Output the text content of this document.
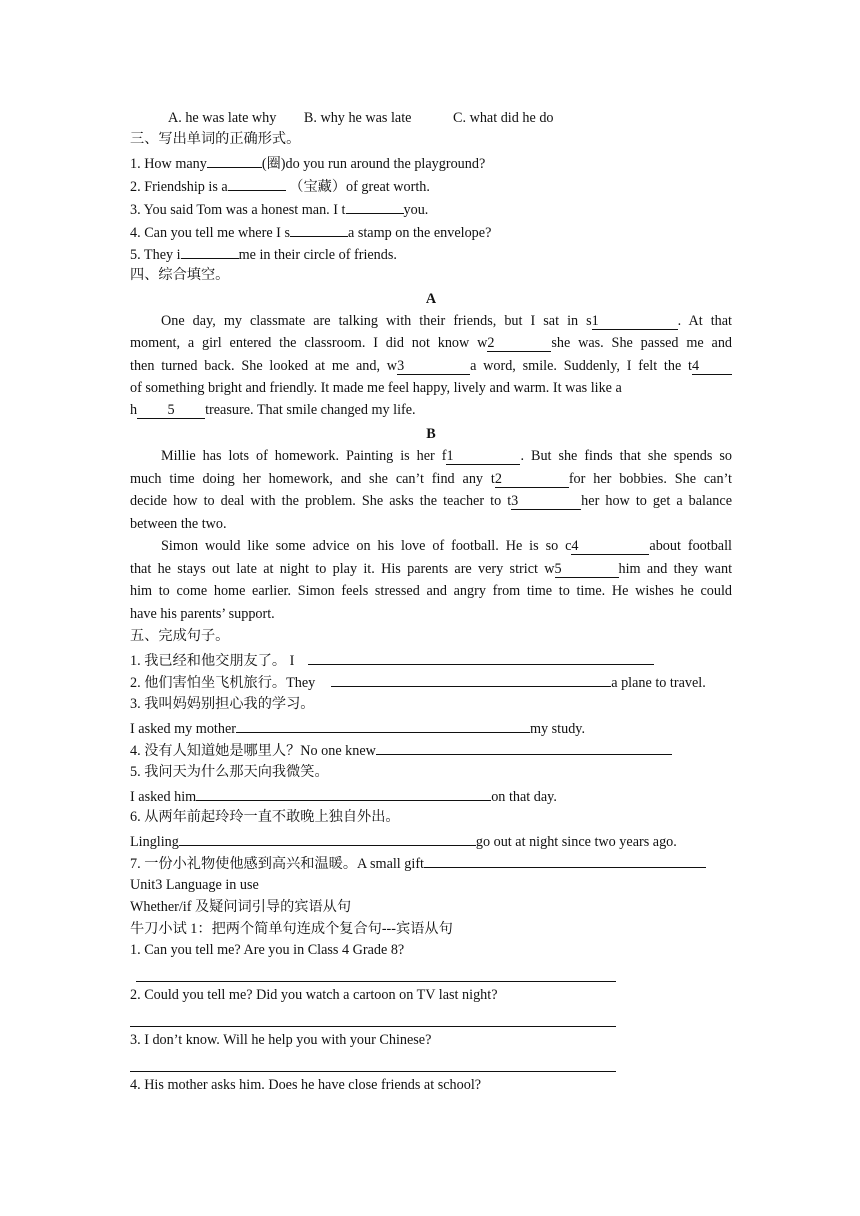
A. he was late why B. why he was late	C. what did he do
三、写出单词的正确形式。
1. How many	(圈)do you run around the playground?
2. Friendship is a	（宝藏）of great worth.
3. You said Tom was a honest man. I t	you.
4. Can you tell me where I s	a stamp on the envelope?
5. They i	me in their circle of friends.
四、综合填空。
A
One day, my classmate are talking with their friends, but I sat in s1	. At that
moment, a girl entered the classroom. I did not know w2	she was. She passed me and
then turned back. She looked at me and, w3	a word, smile. Suddenly, I felt the t4
of something bright and friendly. It made me feel happy, lively and warm. It was like a
h 5 treasure. That smile changed my life.
B
Millie has lots of homework. Painting is her f1	. But she finds that she spends so
much time doing her homework, and she can’t find any t2	for her bobbies. She can’t
decide how to deal with the problem. She asks the teacher to t3	her how to get a balance
between the two.
Simon would like some advice on his love of football. He is so c4	about football
that he stays out late at night to play it. His parents are very strict w5	him and they want
him to come home earlier. Simon feels stressed and angry from time to time. He wishes he could
have his parents’ support.
五、完成句子。
1. 我已经和他交朋友了。 I
2. 他们害怕坐飞机旅行。They	a plane to travel.
3. 我叫妈妈别担心我的学习。
I asked my mother	my study.
4. 没有人知道她是哪里人？No one knew
5. 我问天为什么那天向我微笑。
I asked him	on that day.
6. 从两年前起玲玲一直不敢晚上独自外出。
Lingling	go out at night since two years ago.
7. 一份小礼物使他感到高兴和温暖。A small gift
Unit3 Language in use
Whether/if 及疑问词引导的宾语从句
牛刀小试 1：把两个简单句连成个复合句---宾语从句
1. Can you tell me? Are you in Class 4 Grade 8?
2. Could you tell me? Did you watch a cartoon on TV last night?
3. I don’t know. Will he help you with your Chinese?
4. His mother asks him. Does he have close friends at school?
